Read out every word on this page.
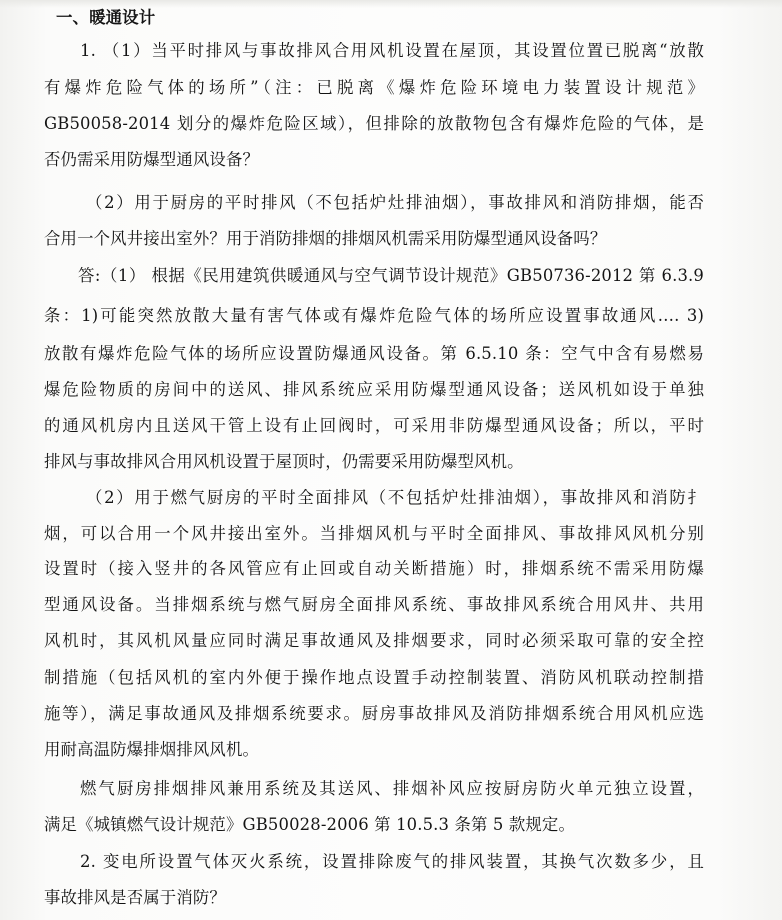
一、暖通设计
1. （1）当平时排风与事故排风合用风机设置在屋顶，其设置位置已脱离“放散
有爆炸危险气体的场所”（注：已脱离《爆炸危险环境电力装置设计规范》
GB50058-2014 划分的爆炸危险区域），但排除的放散物包含有爆炸危险的气体，是
否仍需采用防爆型通风设备？
（2）用于厨房的平时排风（不包括炉灶排油烟），事故排风和消防排烟，能否
合用一个风井接出室外？用于消防排烟的排烟风机需采用防爆型通风设备吗？
答:（1） 根据《民用建筑供暖通风与空气调节设计规范》GB50736-2012 第 6.3.9
条：1)可能突然放散大量有害气体或有爆炸危险气体的场所应设置事故通风…. 3)
放散有爆炸危险气体的场所应设置防爆通风设备。第 6.5.10 条：空气中含有易燃易
爆危险物质的房间中的送风、排风系统应采用防爆型通风设备；送风机如设于单独
的通风机房内且送风干管上设有止回阀时，可采用非防爆型通风设备；所以，平时
排风与事故排风合用风机设置于屋顶时，仍需要采用防爆型风机。
（2）用于燃气厨房的平时全面排风（不包括炉灶排油烟），事故排风和消防扌
烟，可以合用一个风井接出室外。当排烟风机与平时全面排风、事故排风风机分别
设置时（接入竖井的各风管应有止回或自动关断措施）时，排烟系统不需采用防爆
型通风设备。当排烟系统与燃气厨房全面排风系统、事故排风系统合用风井、共用
风机时，其风机风量应同时满足事故通风及排烟要求，同时必须采取可靠的安全控
制措施（包括风机的室内外便于操作地点设置手动控制装置、消防风机联动控制措
施等），满足事故通风及排烟系统要求。厨房事故排风及消防排烟系统合用风机应选
用耐高温防爆排烟排风风机。
燃气厨房排烟排风兼用系统及其送风、排烟补风应按厨房防火单元独立设置，
满足《城镇燃气设计规范》GB50028-2006 第 10.5.3 条第 5 款规定。
2. 变电所设置气体灭火系统，设置排除废气的排风装置，其换气次数多少，且
事故排风是否属于消防？
